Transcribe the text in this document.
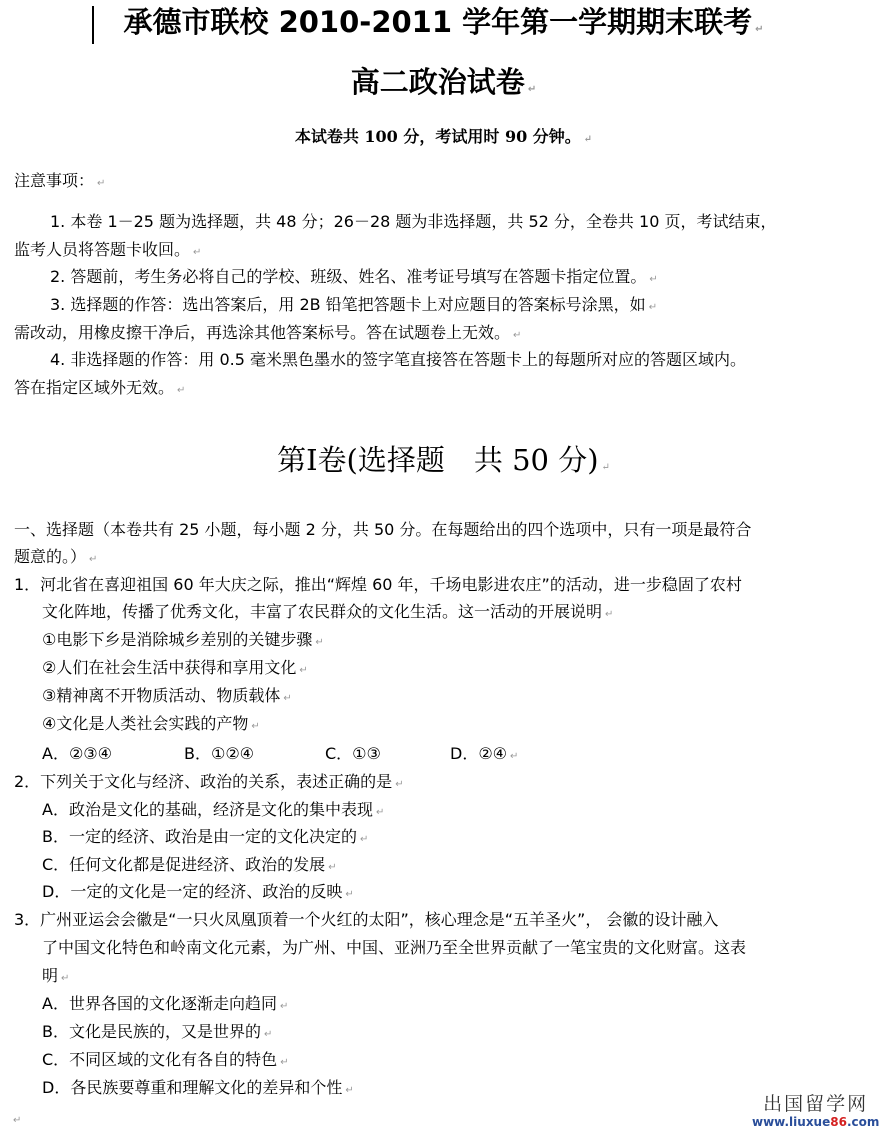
承德市联校 2010-2011 学年第一学期期末联考 ↵
高二政治试卷 ↵
本试卷共 100 分，考试用时 90 分钟。 ↵
注意事项： ↵
1. 本卷 1－25 题为选择题，共 48 分；26－28 题为非选择题，共 52 分，全卷共 10 页，考试结束，
监考人员将答题卡收回。 ↵
2. 答题前，考生务必将自己的学校、班级、姓名、准考证号填写在答题卡指定位置。 ↵
3. 选择题的作答：选出答案后，用 2B 铅笔把答题卡上对应题目的答案标号涂黑，如 ↵
需改动，用橡皮擦干净后，再选涂其他答案标号。答在试题卷上无效。 ↵
4. 非选择题的作答：用 0.5 毫米黑色墨水的签字笔直接答在答题卡上的每题所对应的答题区域内。
答在指定区域外无效。 ↵
第Ⅰ卷(选择题　共 50 分) ↵
一、选择题（本卷共有 25 小题，每小题 2 分，共 50 分。在每题给出的四个选项中，只有一项是最符合
题意的。） ↵
1．河北省在喜迎祖国 60 年大庆之际，推出“辉煌 60 年，千场电影进农庄”的活动，进一步稳固了农村
文化阵地，传播了优秀文化，丰富了农民群众的文化生活。这一活动的开展说明 ↵
①电影下乡是消除城乡差别的关键步骤 ↵
②人们在社会生活中获得和享用文化 ↵
③精神离不开物质活动、物质载体 ↵
④文化是人类社会实践的产物 ↵
A．②③④	B．①②④	C．①③	D．②④ ↵
2．下列关于文化与经济、政治的关系，表述正确的是 ↵
A．政治是文化的基础，经济是文化的集中表现 ↵
B．一定的经济、政治是由一定的文化决定的 ↵
C．任何文化都是促进经济、政治的发展 ↵
D．一定的文化是一定的经济、政治的反映 ↵
3．广州亚运会会徽是“一只火凤凰顶着一个火红的太阳”，核心理念是“五羊圣火”， 会徽的设计融入
了中国文化特色和岭南文化元素，为广州、中国、亚洲乃至全世界贡献了一笔宝贵的文化财富。这表
明 ↵
A．世界各国的文化逐渐走向趋同 ↵
B．文化是民族的，又是世界的 ↵
C．不同区域的文化有各自的特色 ↵
D．各民族要尊重和理解文化的差异和个性 ↵
↵
出国留学网
www.liuxue86.com
